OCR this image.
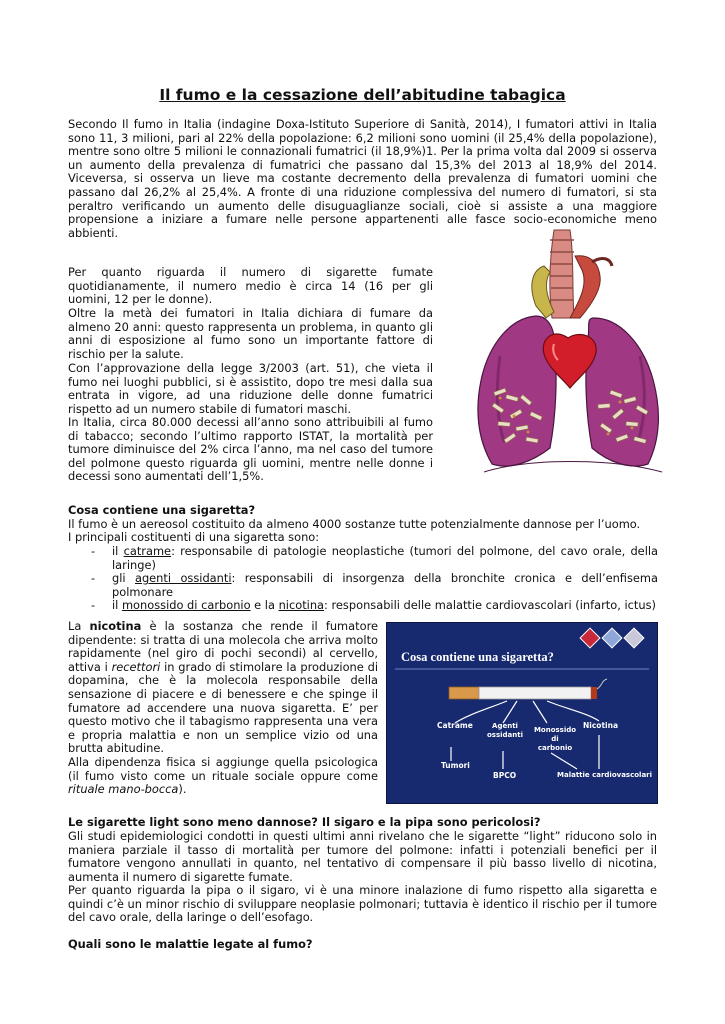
Il fumo e la cessazione dell’abitudine tabagica

Secondo Il fumo in Italia (indagine Doxa-Istituto Superiore di Sanità, 2014), I fumatori attivi in Italia sono 11, 3 milioni, pari al 22% della popolazione: 6,2 milioni sono uomini (il 25,4% della popolazione), mentre sono oltre 5 milioni le connazionali fumatrici (il 18,9%)1. Per la prima volta dal 2009 si osserva un aumento della prevalenza di fumatrici che passano dal 15,3% del 2013 al 18,9% del 2014. Viceversa, si osserva un lieve ma costante decremento della prevalenza di fumatori uomini che passano dal 26,2% al 25,4%. A fronte di una riduzione complessiva del numero di fumatori, si sta peraltro verificando un aumento delle disuguaglianze sociali, cioè si assiste a una maggiore propensione a iniziare a fumare nelle persone appartenenti alle fasce socio-economiche meno abbienti.

Per quanto riguarda il numero di sigarette fumate quotidianamente, il numero medio è circa 14 (16 per gli uomini, 12 per le donne).

Oltre la metà dei fumatori in Italia dichiara di fumare da almeno 20 anni: questo rappresenta un problema, in quanto gli anni di esposizione al fumo sono un importante fattore di rischio per la salute.

Con l’approvazione della legge 3/2003 (art. 51), che vieta il fumo nei luoghi pubblici, si è assistito, dopo tre mesi dalla sua entrata in vigore, ad una riduzione delle donne fumatrici rispetto ad un numero stabile di fumatori maschi.

In Italia, circa 80.000 decessi all’anno sono attribuibili al fumo di tabacco; secondo l’ultimo rapporto ISTAT, la mortalità per tumore diminuisce del 2% circa l’anno, ma nel caso del tumore del polmone questo riguarda gli uomini, mentre nelle donne i decessi sono aumentati dell’1,5%.

Cosa contiene una sigaretta?

Il fumo è un aereosol costituito da almeno 4000 sostanze tutte potenzialmente dannose per l’uomo.

I principali costituenti di una sigaretta sono:

- il catrame: responsabile di patologie neoplastiche (tumori del polmone, del cavo orale, della laringe)
- gli agenti ossidanti: responsabili di insorgenza della bronchite cronica e dell’enfisema polmonare
- il monossido di carbonio e la nicotina: responsabili delle malattie cardiovascolari (infarto, ictus)

La nicotina è la sostanza che rende il fumatore dipendente: si tratta di una molecola che arriva molto rapidamente (nel giro di pochi secondi) al cervello, attiva i recettori in grado di stimolare la produzione di dopamina, che è la molecola responsabile della sensazione di piacere e di benessere e che spinge il fumatore ad accendere una nuova sigaretta. E’ per questo motivo che il tabagismo rappresenta una vera e propria malattia e non un semplice vizio od una brutta abitudine.
Alla dipendenza fisica si aggiunge quella psicologica (il fumo visto come un rituale sociale oppure come rituale mano-bocca).

Cosa contiene una sigaretta?
Catrame	Agenti ossidanti
Monossido di carbonio
Nicotina
Tumori
BPCO	Malattie cardiovascolari

Le sigarette light sono meno dannose? Il sigaro e la pipa sono pericolosi?

Gli studi epidemiologici condotti in questi ultimi anni rivelano che le sigarette “light” riducono solo in maniera parziale il tasso di mortalità per tumore del polmone: infatti i potenziali benefici per il fumatore vengono annullati in quanto, nel tentativo di compensare il più basso livello di nicotina, aumenta il numero di sigarette fumate.

Per quanto riguarda la pipa o il sigaro, vi è una minore inalazione di fumo rispetto alla sigaretta e quindi c’è un minor rischio di sviluppare neoplasie polmonari; tuttavia è identico il rischio per il tumore del cavo orale, della laringe o dell’esofago.

Quali sono le malattie legate al fumo?
